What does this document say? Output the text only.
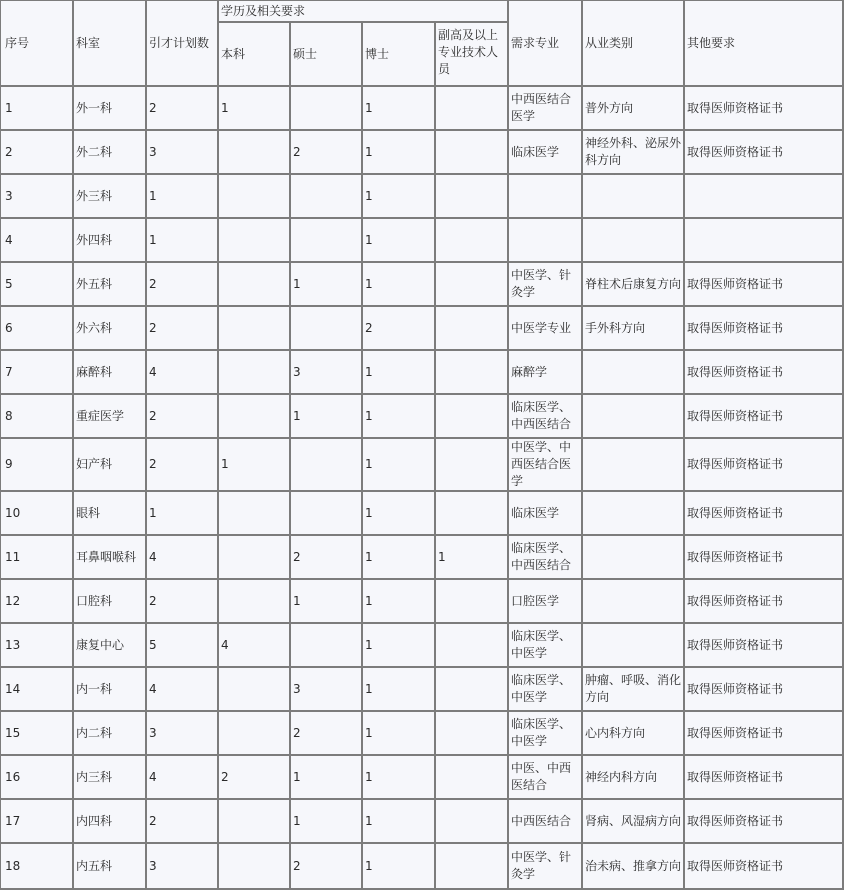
序号	科室	引才计划数	学历及相关要求				需求专业	从业类别	其他要求
			本科	硕士	博士	副高及以上专业技术人员			
1	外一科	2	1		1		中西医结合医学	普外方向	取得医师资格证书
2	外二科	3		2	1		临床医学	神经外科、泌尿外科方向	取得医师资格证书
3	外三科	1			1				
4	外四科	1			1				
5	外五科	2		1	1		中医学、针灸学	脊柱术后康复方向	取得医师资格证书
6	外六科	2			2		中医学专业	手外科方向	取得医师资格证书
7	麻醉科	4		3	1		麻醉学		取得医师资格证书
8	重症医学	2		1	1		临床医学、中西医结合		取得医师资格证书
9	妇产科	2	1		1		中医学、中西医结合医学		取得医师资格证书
10	眼科	1			1		临床医学		取得医师资格证书
11	耳鼻咽喉科	4		2	1	1	临床医学、中西医结合		取得医师资格证书
12	口腔科	2		1	1		口腔医学		取得医师资格证书
13	康复中心	5	4		1		临床医学、中医学		取得医师资格证书
14	内一科	4		3	1		临床医学、中医学	肿瘤、呼吸、消化方向	取得医师资格证书
15	内二科	3		2	1		临床医学、中医学	心内科方向	取得医师资格证书
16	内三科	4	2	1	1		中医、中西医结合	神经内科方向	取得医师资格证书
17	内四科	2		1	1		中西医结合	肾病、风湿病方向	取得医师资格证书
18	内五科	3		2	1		中医学、针灸学	治未病、推拿方向	取得医师资格证书
